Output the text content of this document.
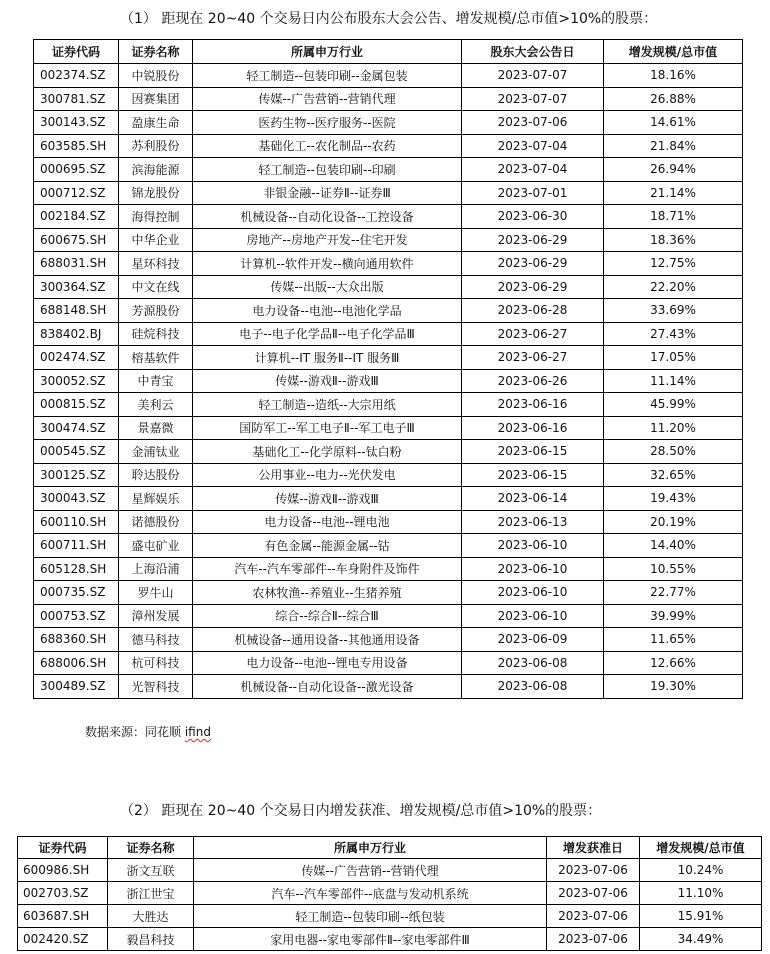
（1） 距现在 20~40 个交易日内公布股东大会公告、增发规模/总市值>10%的股票：
证券代码	证券名称	所属申万行业	股东大会公告日	增发规模/总市值
002374.SZ	中锐股份	轻工制造--包装印刷--金属包装	2023-07-07	18.16%
300781.SZ	因赛集团	传媒--广告营销--营销代理	2023-07-07	26.88%
300143.SZ	盈康生命	医药生物--医疗服务--医院	2023-07-06	14.61%
603585.SH	苏利股份	基础化工--农化制品--农药	2023-07-04	21.84%
000695.SZ	滨海能源	轻工制造--包装印刷--印刷	2023-07-04	26.94%
000712.SZ	锦龙股份	非银金融--证券Ⅱ--证券Ⅲ	2023-07-01	21.14%
002184.SZ	海得控制	机械设备--自动化设备--工控设备	2023-06-30	18.71%
600675.SH	中华企业	房地产--房地产开发--住宅开发	2023-06-29	18.36%
688031.SH	星环科技	计算机--软件开发--横向通用软件	2023-06-29	12.75%
300364.SZ	中文在线	传媒--出版--大众出版	2023-06-29	22.20%
688148.SH	芳源股份	电力设备--电池--电池化学品	2023-06-28	33.69%
838402.BJ	硅烷科技	电子--电子化学品Ⅱ--电子化学品Ⅲ	2023-06-27	27.43%
002474.SZ	榕基软件	计算机--IT 服务Ⅱ--IT 服务Ⅲ	2023-06-27	17.05%
300052.SZ	中青宝	传媒--游戏Ⅱ--游戏Ⅲ	2023-06-26	11.14%
000815.SZ	美利云	轻工制造--造纸--大宗用纸	2023-06-16	45.99%
300474.SZ	景嘉微	国防军工--军工电子Ⅱ--军工电子Ⅲ	2023-06-16	11.20%
000545.SZ	金浦钛业	基础化工--化学原料--钛白粉	2023-06-15	28.50%
300125.SZ	聆达股份	公用事业--电力--光伏发电	2023-06-15	32.65%
300043.SZ	星辉娱乐	传媒--游戏Ⅱ--游戏Ⅲ	2023-06-14	19.43%
600110.SH	诺德股份	电力设备--电池--锂电池	2023-06-13	20.19%
600711.SH	盛屯矿业	有色金属--能源金属--钴	2023-06-10	14.40%
605128.SH	上海沿浦	汽车--汽车零部件--车身附件及饰件	2023-06-10	10.55%
000735.SZ	罗牛山	农林牧渔--养殖业--生猪养殖	2023-06-10	22.77%
000753.SZ	漳州发展	综合--综合Ⅱ--综合Ⅲ	2023-06-10	39.99%
688360.SH	德马科技	机械设备--通用设备--其他通用设备	2023-06-09	11.65%
688006.SH	杭可科技	电力设备--电池--锂电专用设备	2023-06-08	12.66%
300489.SZ	光智科技	机械设备--自动化设备--激光设备	2023-06-08	19.30%
数据来源：同花顺 ifind
（2） 距现在 20~40 个交易日内增发获准、增发规模/总市值>10%的股票：
证券代码	证券名称	所属申万行业	增发获准日	增发规模/总市值
600986.SH	浙文互联	传媒--广告营销--营销代理	2023-07-06	10.24%
002703.SZ	浙江世宝	汽车--汽车零部件--底盘与发动机系统	2023-07-06	11.10%
603687.SH	大胜达	轻工制造--包装印刷--纸包装	2023-07-06	15.91%
002420.SZ	毅昌科技	家用电器--家电零部件Ⅱ--家电零部件Ⅲ	2023-07-06	34.49%
